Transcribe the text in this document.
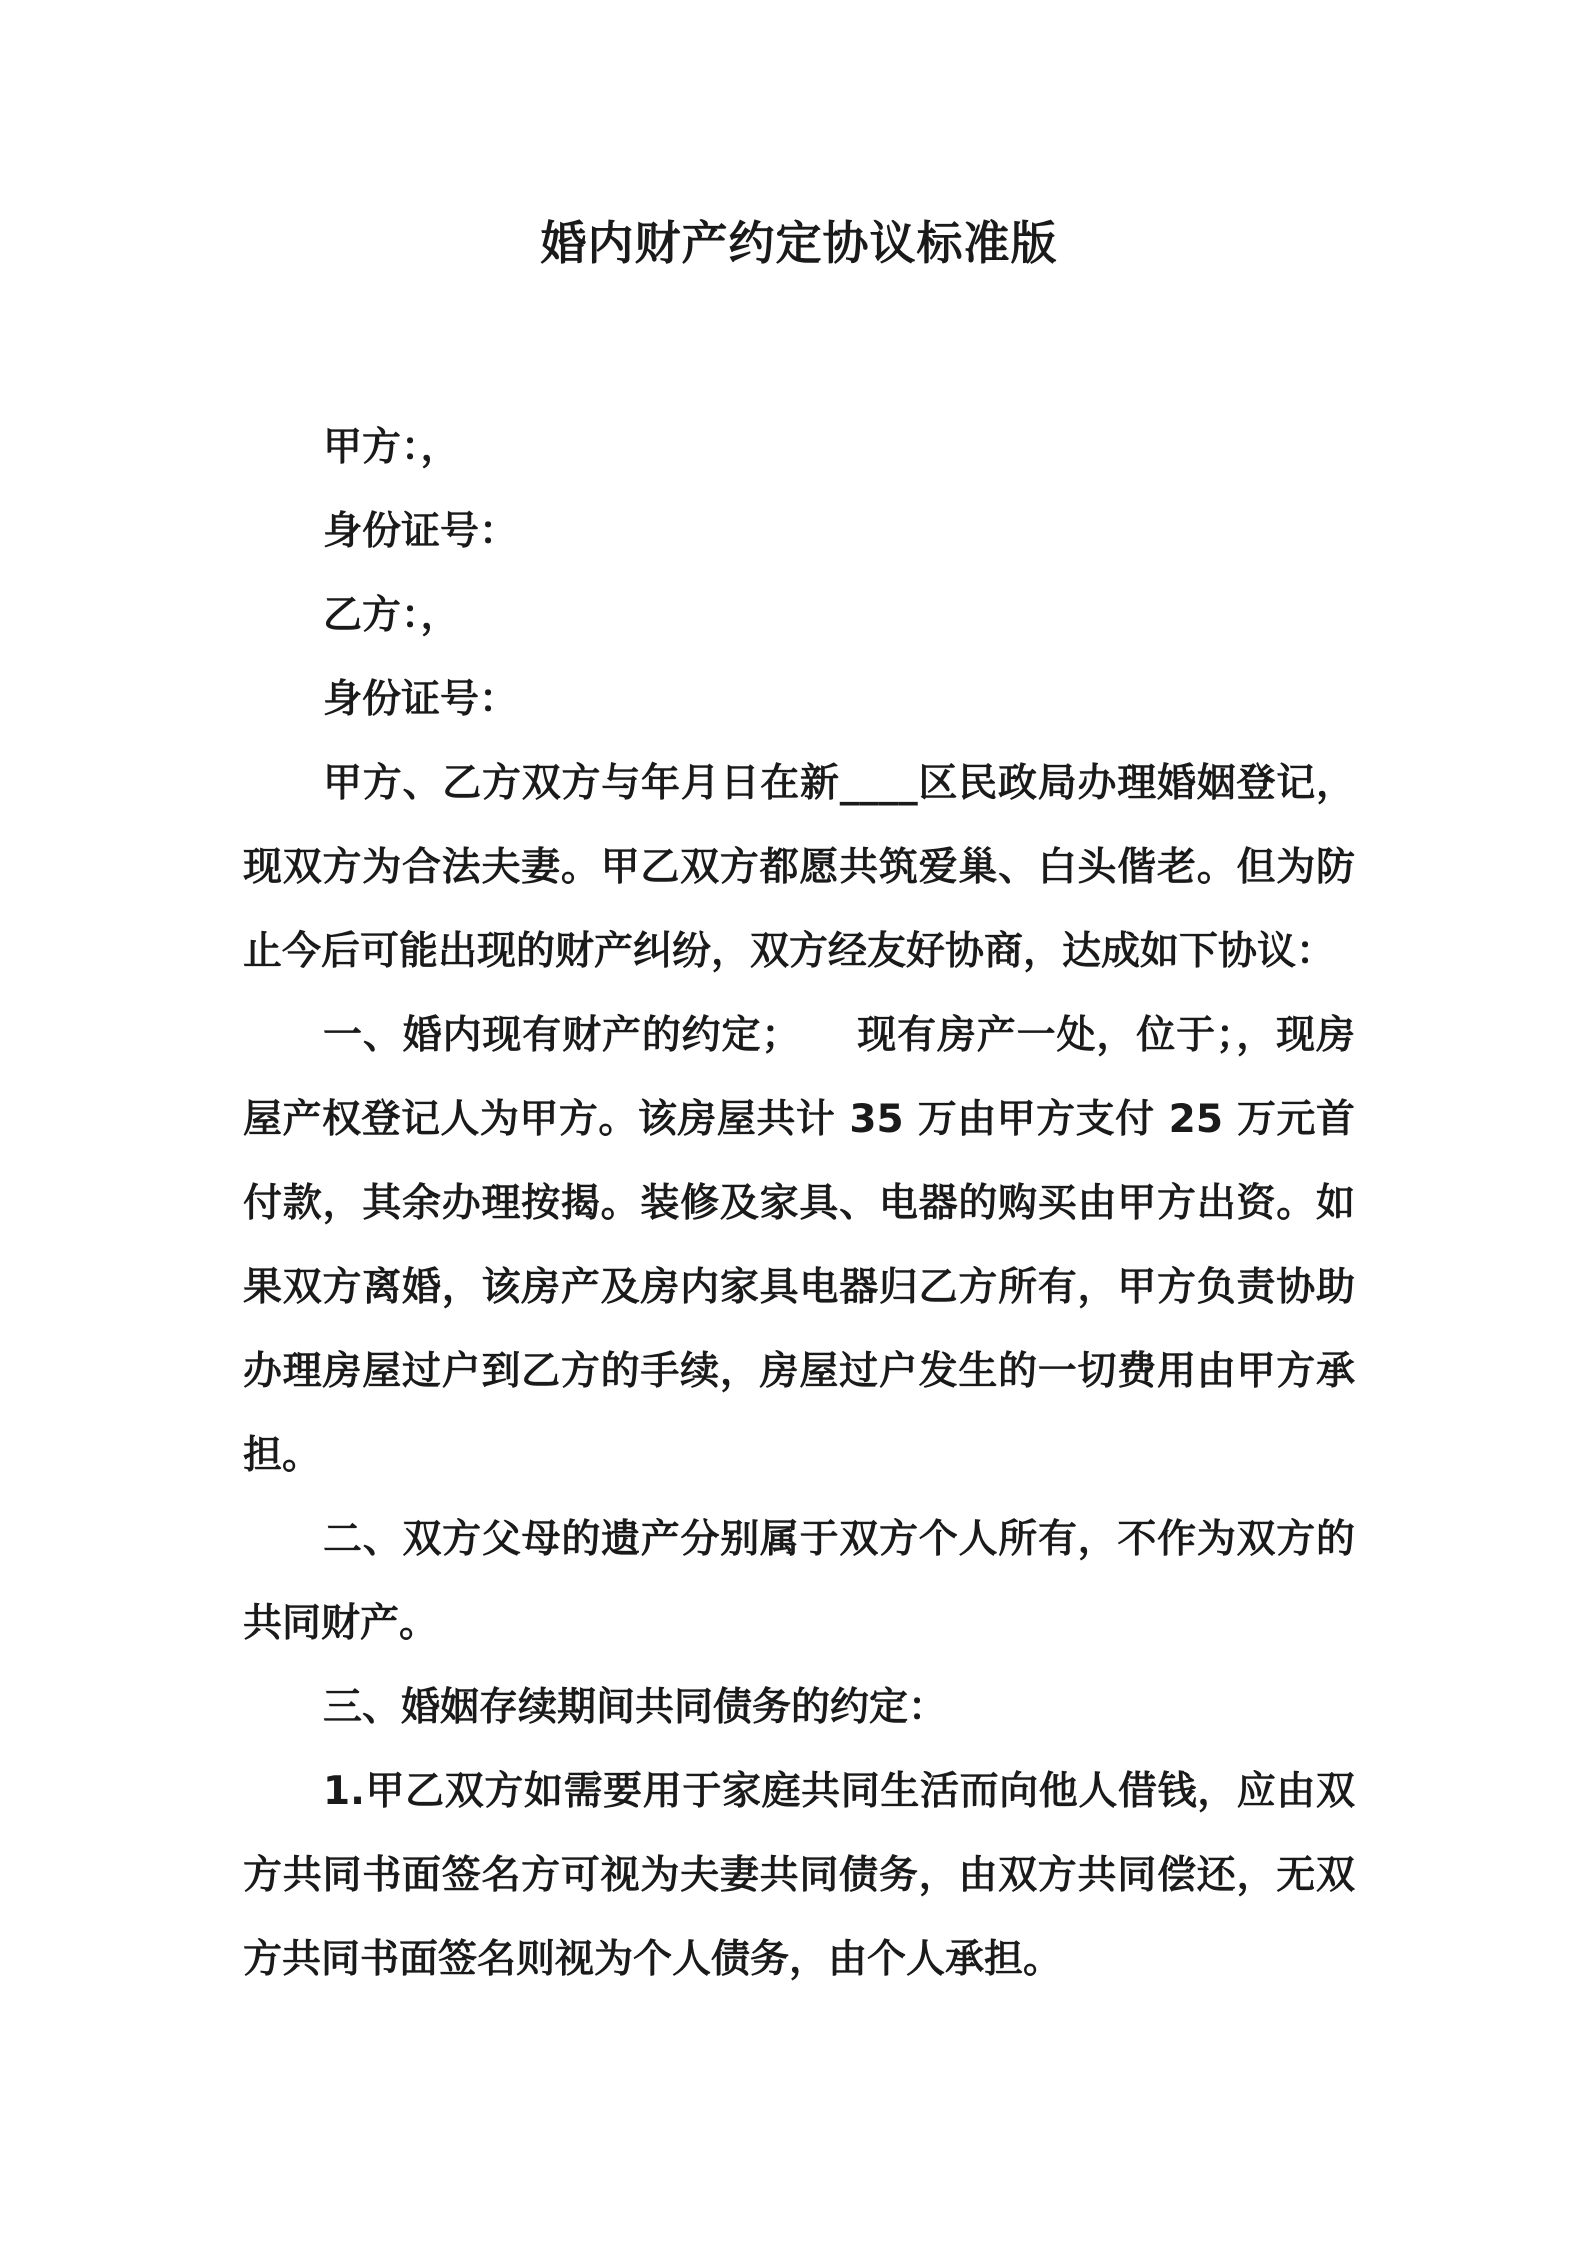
婚内财产约定协议标准版

甲方：，

身份证号：

乙方：，

身份证号：

甲方、乙方双方与年月日在新____区民政局办理婚姻登记，现双方为合法夫妻。甲乙双方都愿共筑爱巢、白头偕老。但为防止今后可能出现的财产纠纷，双方经友好协商，达成如下协议：

一、婚内现有财产的约定； 现有房产一处，位于；，现房屋产权登记人为甲方。该房屋共计 35 万由甲方支付 25 万元首付款，其余办理按揭。装修及家具、电器的购买由甲方出资。如果双方离婚，该房产及房内家具电器归乙方所有，甲方负责协助办理房屋过户到乙方的手续，房屋过户发生的一切费用由甲方承担。

二、双方父母的遗产分别属于双方个人所有，不作为双方的共同财产。

三、婚姻存续期间共同债务的约定：

1.甲乙双方如需要用于家庭共同生活而向他人借钱，应由双方共同书面签名方可视为夫妻共同债务，由双方共同偿还，无双方共同书面签名则视为个人债务，由个人承担。
